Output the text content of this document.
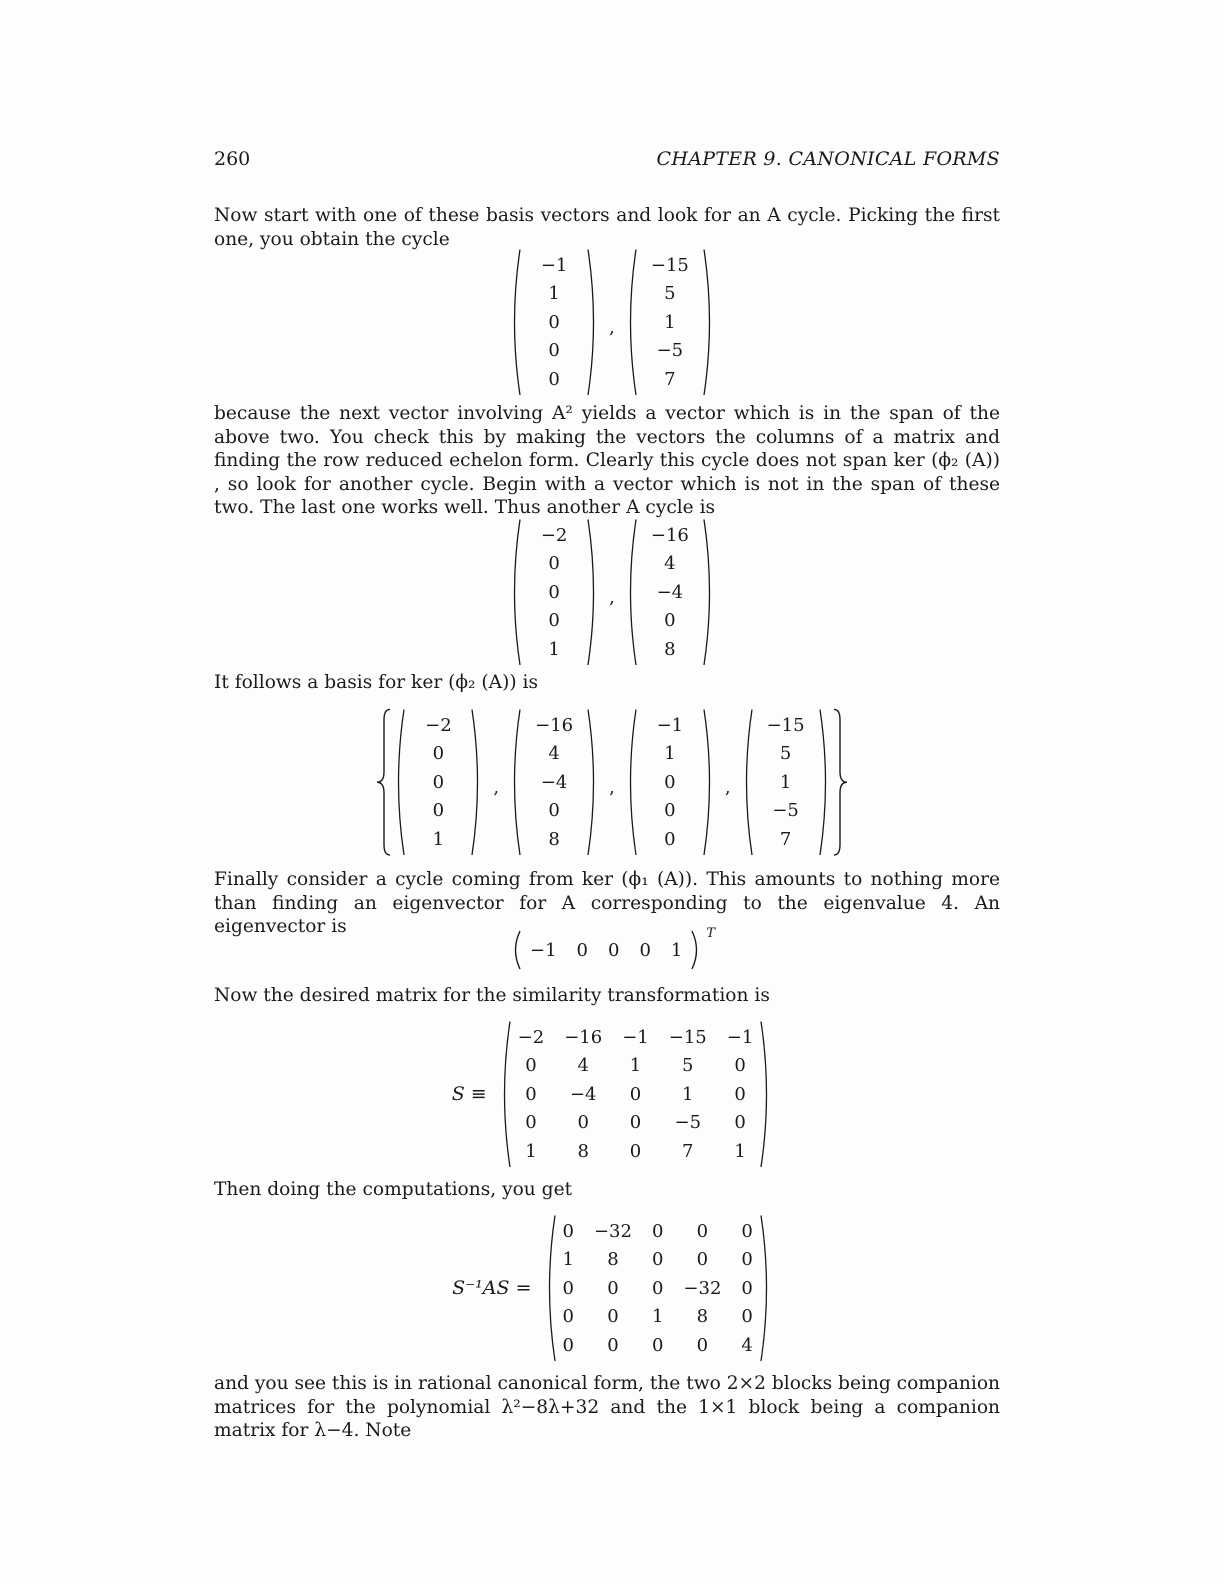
260	CHAPTER 9. CANONICAL FORMS

Now start with one of these basis vectors and look for an A cycle. Picking the first one, you obtain the cycle

−1
1
0
0
0
,
−15
5
1
−5
7

because the next vector involving A² yields a vector which is in the span of the above two. You check this by making the vectors the columns of a matrix and finding the row reduced echelon form. Clearly this cycle does not span ker (ϕ₂ (A)) , so look for another cycle. Begin with a vector which is not in the span of these two. The last one works well. Thus another A cycle is

−2
0
0
0
1
,
−16
4
−4
0
8

It follows a basis for ker (ϕ₂ (A)) is

−2
0
0
0
1
,
−16
4
−4
0
8
,
−1
1
0
0
0
,
−15
5
1
−5
7

Finally consider a cycle coming from ker (ϕ₁ (A)). This amounts to nothing more than finding an eigenvector for A corresponding to the eigenvalue 4. An eigenvector is

−1 0 0 0 1
T

Now the desired matrix for the similarity transformation is

S ≡
−2 −16 −1 −15 −1
0	4	1	5	0
0	−4	0	1	0
0	0	0	−5	0
1	8	0	7	1

Then doing the computations, you get

S⁻¹AS =
0 −32 0	0	0
1	8	0	0	0
0	0	0 −32 0
0	0	1	8	0
0	0	0	0	4

and you see this is in rational canonical form, the two 2×2 blocks being companion matrices for the polynomial λ²−8λ+32 and the 1×1 block being a companion matrix for λ−4. Note
